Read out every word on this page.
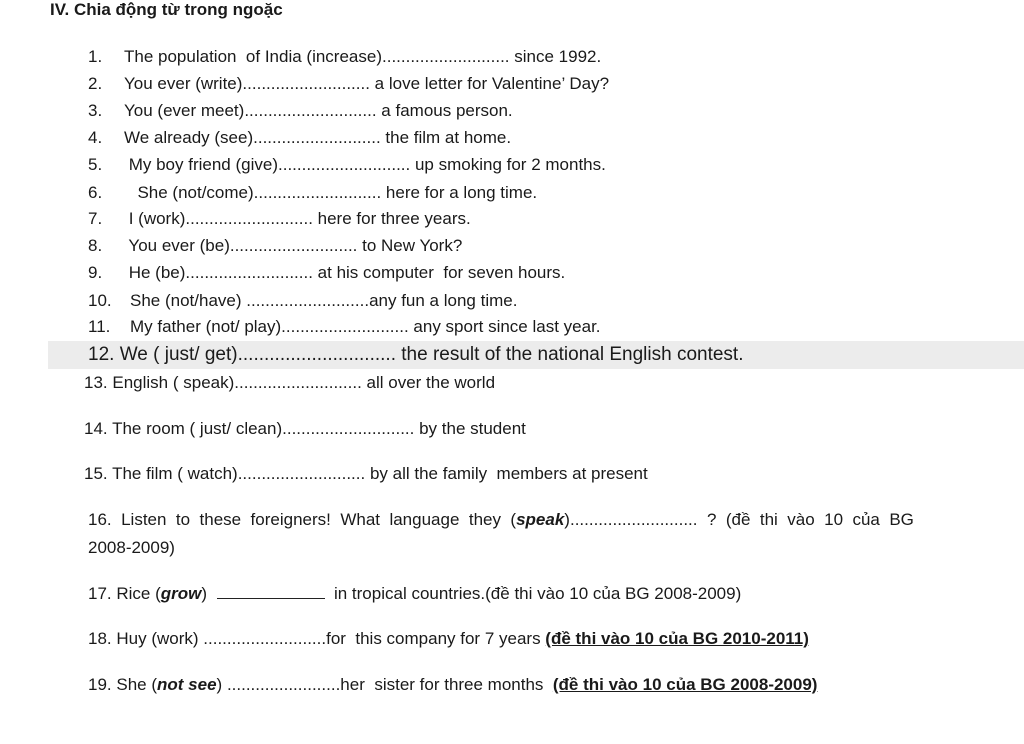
IV. Chia động từ trong ngoặc
1. The population  of India (increase)........................... since 1992.
2. You ever (write)........................... a love letter for Valentine’ Day?
3. You (ever meet)............................ a famous person.
4. We already (see)........................... the film at home.
5. My boy friend (give)............................ up smoking for 2 months.
6.  She (not/come)........................... here for a long time.
7. I (work)........................... here for three years.
8. You ever (be)........................... to New York?
9. He (be)........................... at his computer  for seven hours.
10. She (not/have) ..........................any fun a long time.
11. My father (not/ play)........................... any sport since last year.
12. We ( just/ get).............................. the result of the national English contest.
13. English ( speak)........................... all over the world
14. The room ( just/ clean)............................ by the student
15. The film ( watch)........................... by all the family  members at present
16.  Listen  to  these  foreigners!  What  language  they  (speak)...........................  ?  (đề  thi  vào  10  của  BG
2008-2009)
17. Rice (grow)	in tropical countries.(đề thi vào 10 của BG 2008-2009)
18. Huy (work) ..........................for  this company for 7 years (đề thi vào 10 của BG 2010-2011)
19. She (not see) ........................her  sister for three months  (đề thi vào 10 của BG 2008-2009)
